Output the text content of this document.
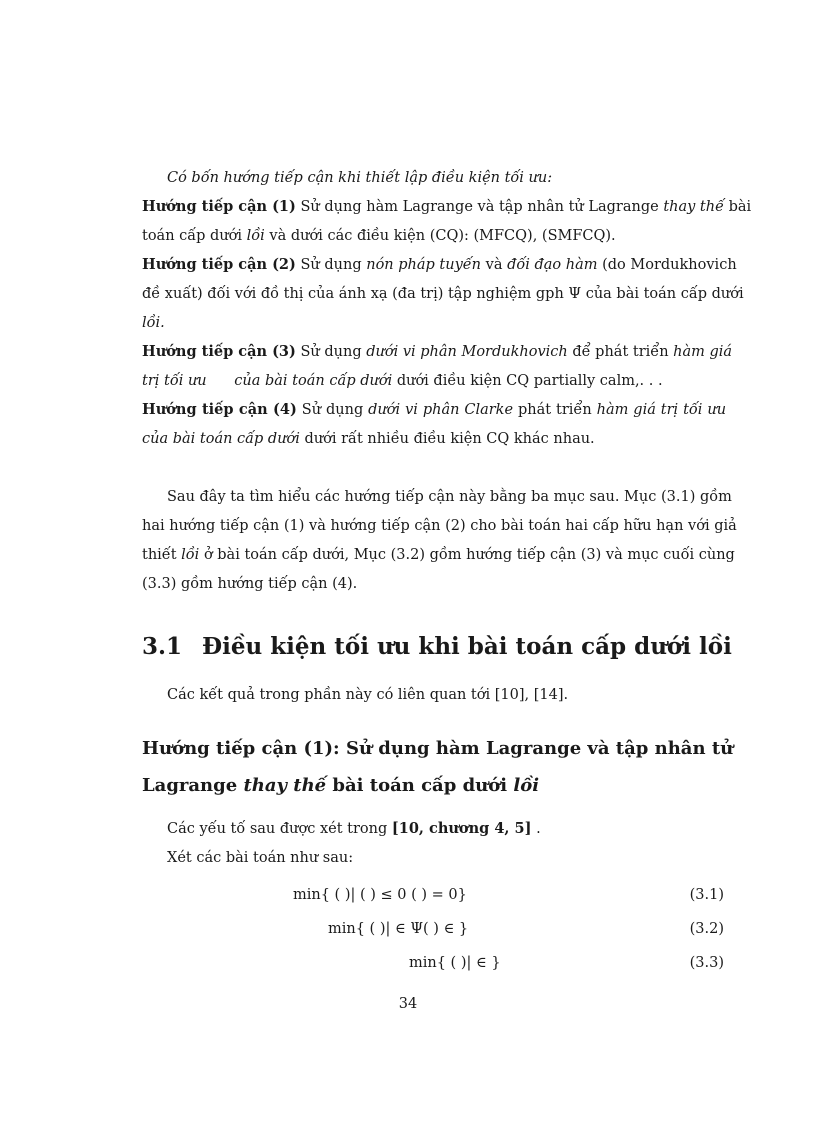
Có bốn hướng tiếp cận khi thiết lập điều kiện tối ưu:
Hướng tiếp cận (1) Sử dụng hàm Lagrange và tập nhân tử Lagrange thay thế bài
toán cấp dưới lồi và dưới các điều kiện (CQ): (MFCQ), (SMFCQ).
Hướng tiếp cận (2) Sử dụng nón pháp tuyến và đối đạo hàm (do Mordukhovich
đề xuất) đối với đồ thị của ánh xạ (đa trị) tập nghiệm gph Ψ của bài toán cấp dưới
lồi.
Hướng tiếp cận (3) Sử dụng dưới vi phân Mordukhovich để phát triển hàm giá
trị tối ưu của bài toán cấp dưới dưới điều kiện CQ partially calm,. . .
Hướng tiếp cận (4) Sử dụng dưới vi phân Clarke phát triển hàm giá trị tối ưu
của bài toán cấp dưới dưới rất nhiều điều kiện CQ khác nhau.
Sau đây ta tìm hiểu các hướng tiếp cận này bằng ba mục sau. Mục (3.1) gồm
hai hướng tiếp cận (1) và hướng tiếp cận (2) cho bài toán hai cấp hữu hạn với giả
thiết lồi ở bài toán cấp dưới, Mục (3.2) gồm hướng tiếp cận (3) và mục cuối cùng
(3.3) gồm hướng tiếp cận (4).
3.1 Điều kiện tối ưu khi bài toán cấp dưới lồi
Các kết quả trong phần này có liên quan tới [10], [14].
Hướng tiếp cận (1): Sử dụng hàm Lagrange và tập nhân tử
Lagrange thay thế bài toán cấp dưới lồi
Các yếu tố sau được xét trong [10, chương 4, 5] .
Xét các bài toán như sau:
min{ ( )| ( ) ≤ 0 ( ) = 0}	(3.1)
min{ ( )| ∈ Ψ( ) ∈ }	(3.2)
min{ ( )| ∈ }	(3.3)
34
